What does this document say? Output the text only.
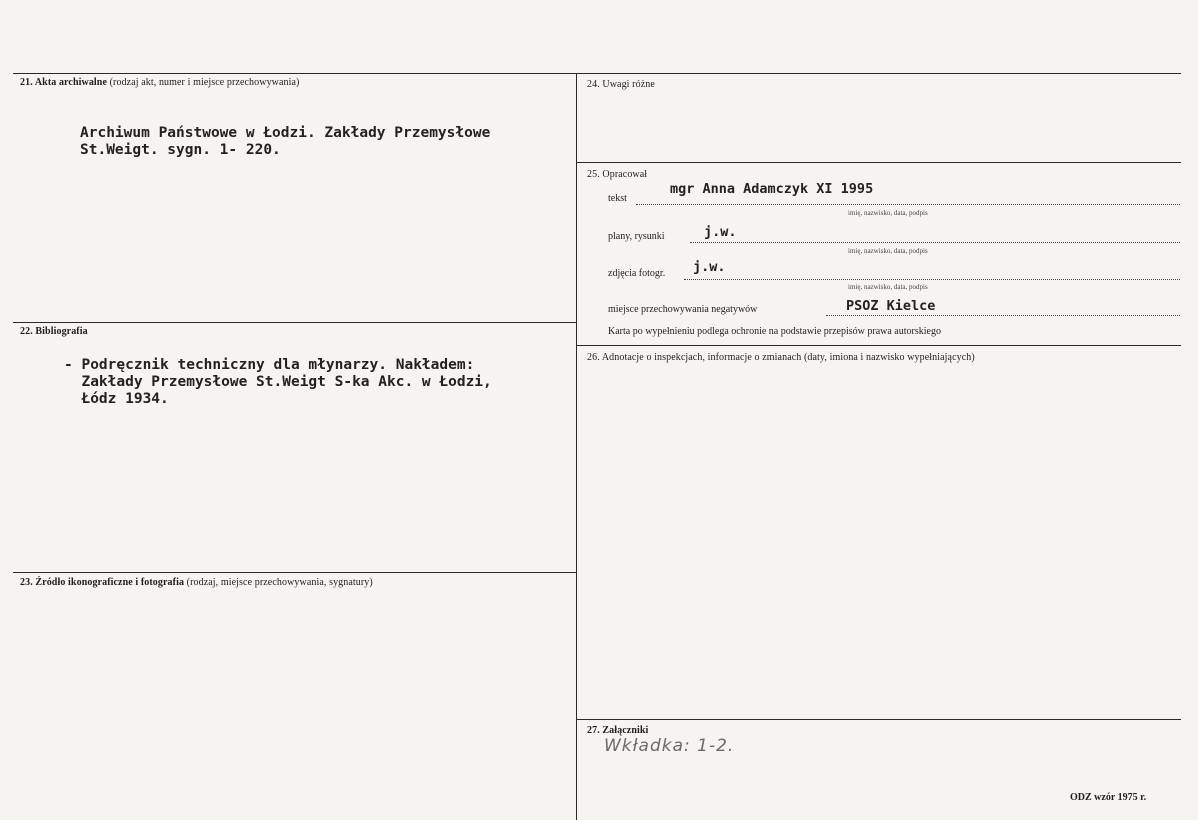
21. Akta archiwalne (rodzaj akt, numer i miejsce przechowywania)
Archiwum Państwowe w Łodzi. Zakłady Przemysłowe
St.Weigt. sygn. 1- 220.
22. Bibliografia
- Podręcznik techniczny dla młynarzy. Nakładem:
Zakłady Przemysłowe St.Weigt S-ka Akc. w Łodzi,
Łódz 1934.
23. Źródło ikonograficzne i fotografia (rodzaj, miejsce przechowywania, sygnatury)
24. Uwagi różne
25. Opracował
tekst
mgr Anna Adamczyk XI 1995
imię, nazwisko, data, podpis
plany, rysunki	j.w.
imię, nazwisko, data, podpis
zdjęcia fotogr. j.w.
imię, nazwisko, data, podpis
miejsce przechowywania negatywów	PSOZ Kielce
Karta po wypełnieniu podlega ochronie na podstawie przepisów prawa autorskiego
26. Adnotacje o inspekcjach, informacje o zmianach (daty, imiona i nazwisko wypełniających)
27. Załączniki
Wkładka: 1-2.
ODZ wzór 1975 r.
